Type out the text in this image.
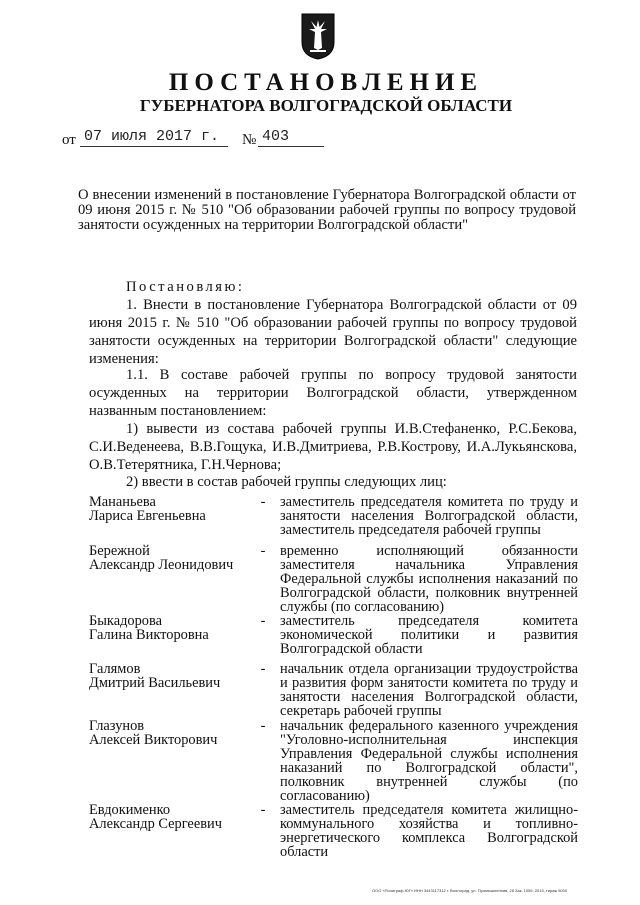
ПОСТАНОВЛЕНИЕ
ГУБЕРНАТОРА ВОЛГОГРАДСКОЙ ОБЛАСТИ
от 07 июля 2017 г.	№ 403
О внесении изменений в постановление Губернатора Волгоградской области от 09 июня 2015 г. № 510 "Об образовании рабочей группы по вопросу трудовой занятости осужденных на территории Волгоградской области"
Постановляю:
1. Внести в постановление Губернатора Волгоградской области от 09 июня 2015 г. № 510 "Об образовании рабочей группы по вопросу трудовой занятости осужденных на территории Волгоградской области" следующие изменения:
1.1. В составе рабочей группы по вопросу трудовой занятости осужденных на территории Волгоградской области, утвержденном названным постановлением:
1) вывести из состава рабочей группы И.В.Стефаненко, Р.С.Бекова, С.И.Веденеева, В.В.Гощука, И.В.Дмитриева, Р.В.Кострову, И.А.Лукьянскова, О.В.Тетерятника, Г.Н.Чернова;
2) ввести в состав рабочей группы следующих лиц:
Мананьева
Лариса Евгеньевна
- заместитель председателя комитета по труду и занятости населения Волгоградской области, заместитель председателя рабочей группы
Бережной
Александр Леонидович
- временно исполняющий обязанности заместителя начальника Управления Федеральной службы исполнения наказаний по Волгоградской области, полковник внутренней службы (по согласованию)
Быкадорова
Галина Викторовна
- заместитель председателя комитета экономической политики и развития Волгоградской области
Галямов
Дмитрий Васильевич
- начальник отдела организации трудоустройства и развития форм занятости комитета по труду и занятости населения Волгоградской области, секретарь рабочей группы
Глазунов
Алексей Викторович
- начальник федерального казенного учреждения "Уголовно-исполнительная инспекция Управления Федеральной службы исполнения наказаний по Волгоградской области", полковник внутренней службы (по согласованию)
Евдокименко
Александр Сергеевич
- заместитель председателя комитета жилищно-коммунального хозяйства и топливно-энергетического комплекса Волгоградской области
ООО «Полиграф-ЮГ» ИНН 3443117312 г. Волгоград, ул. Промышленная, 28 Зак. 1055, 2015, тираж 5000
